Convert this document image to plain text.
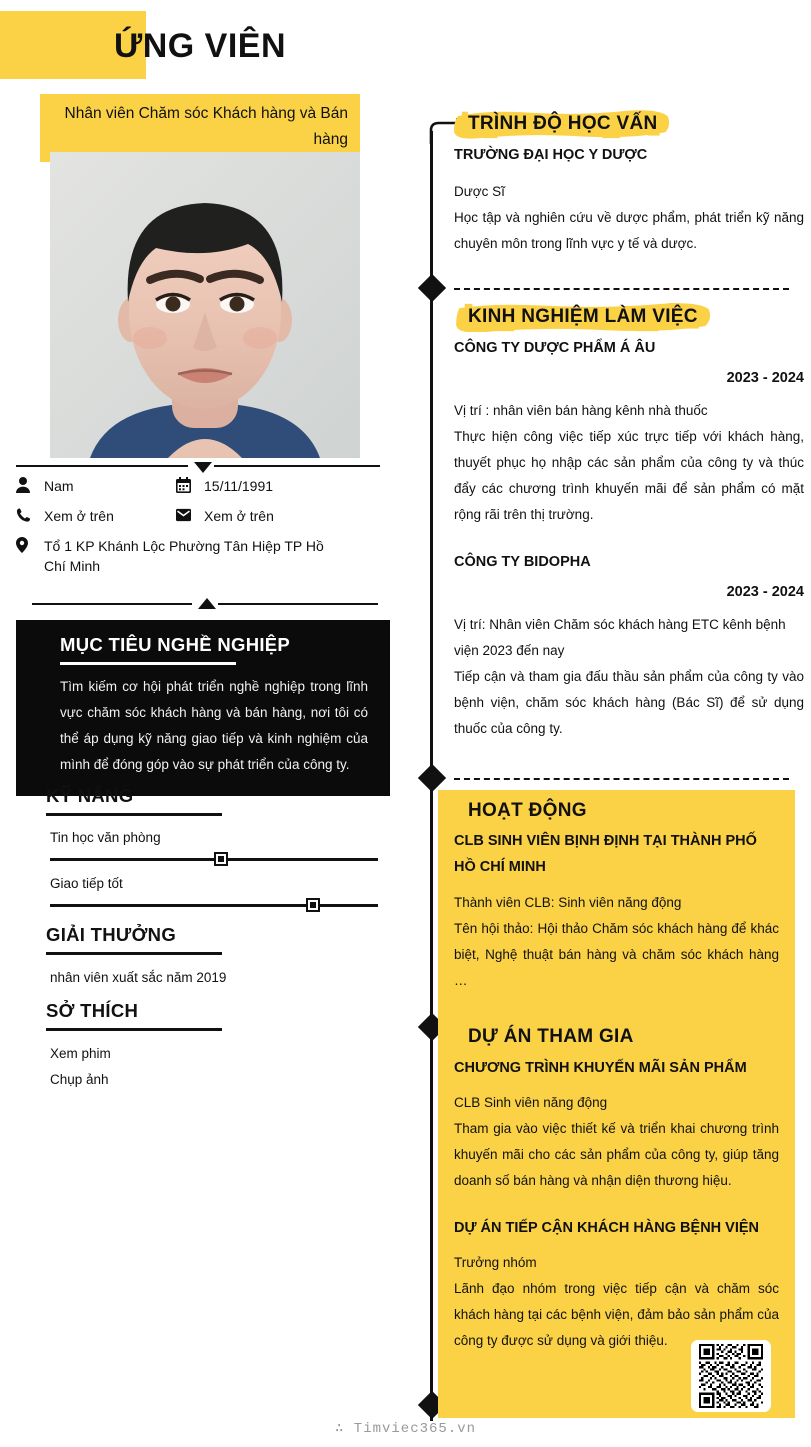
ỨNG VIÊN
Nhân viên Chăm sóc Khách hàng và Bán hàng
Nam	15/11/1991
Xem ở trên	Xem ở trên
Tổ 1 KP Khánh Lộc Phường Tân Hiệp TP Hồ Chí Minh
MỤC TIÊU NGHỀ NGHIỆP
Tìm kiếm cơ hội phát triển nghề nghiệp trong lĩnh vực chăm sóc khách hàng và bán hàng, nơi tôi có thể áp dụng kỹ năng giao tiếp và kinh nghiệm của mình để đóng góp vào sự phát triển của công ty.
KỸ NĂNG
Tin học văn phòng
Giao tiếp tốt
GIẢI THƯỞNG
nhân viên xuất sắc năm 2019
SỞ THÍCH
Xem phim
Chụp ảnh
TRÌNH ĐỘ HỌC VẤN
TRƯỜNG ĐẠI HỌC Y DƯỢC
Dược Sĩ
Học tập và nghiên cứu về dược phẩm, phát triển kỹ năng chuyên môn trong lĩnh vực y tế và dược.
KINH NGHIỆM LÀM VIỆC
CÔNG TY DƯỢC PHẨM Á ÂU
2023 - 2024
Vị trí : nhân viên bán hàng kênh nhà thuốc
Thực hiện công việc tiếp xúc trực tiếp với khách hàng, thuyết phục họ nhập các sản phẩm của công ty và thúc đẩy các chương trình khuyến mãi để sản phẩm có mặt rộng rãi trên thị trường.
CÔNG TY BIDOPHA
2023 - 2024
Vị trí: Nhân viên Chăm sóc khách hàng ETC kênh bệnh viện 2023 đến nay
Tiếp cận và tham gia đấu thầu sản phẩm của công ty vào bệnh viện, chăm sóc khách hàng (Bác Sĩ) để sử dụng thuốc của công ty.
HOẠT ĐỘNG
CLB SINH VIÊN BỊNH ĐỊNH TẠI THÀNH PHỐ HỒ CHÍ MINH
Thành viên CLB: Sinh viên năng động
Tên hội thảo: Hội thảo Chăm sóc khách hàng để khác biệt, Nghệ thuật bán hàng và chăm sóc khách hàng …
DỰ ÁN THAM GIA
CHƯƠNG TRÌNH KHUYẾN MÃI SẢN PHẨM
CLB Sinh viên năng động
Tham gia vào việc thiết kế và triển khai chương trình khuyến mãi cho các sản phẩm của công ty, giúp tăng doanh số bán hàng và nhận diện thương hiệu.
DỰ ÁN TIẾP CẬN KHÁCH HÀNG BỆNH VIỆN
Trưởng nhóm
Lãnh đạo nhóm trong việc tiếp cận và chăm sóc khách hàng tại các bệnh viện, đảm bảo sản phẩm của công ty được sử dụng và giới thiệu.
∴ Timviec365.vn
